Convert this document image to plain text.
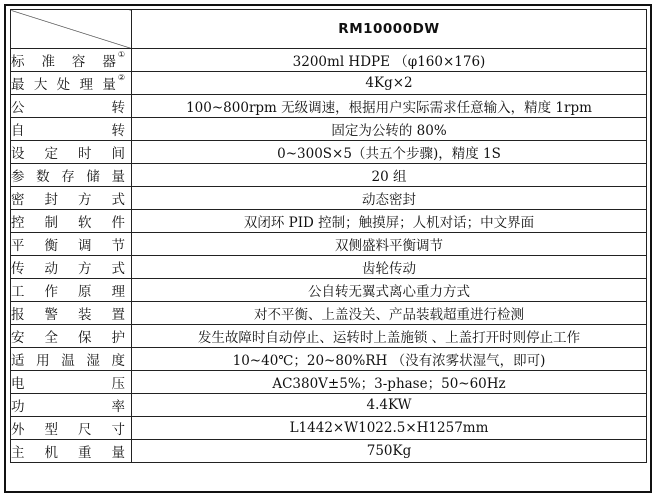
	RM10000DW

标 准 容 器 ①	3200ml HDPE （φ160×176)

最 大 处 理 量 ②	4Kg×2

公 转	100~800rpm 无级调速，根据用户实际需求任意输入，精度 1rpm

自 转	固定为公转的 80%

设 定 时 间	0~300S×5（共五个步骤)，精度 1S

参 数 存 储 量	20 组

密 封 方 式	动态密封

控 制 软 件	双闭环 PID 控制；触摸屏；人机对话；中文界面

平 衡 调 节	双侧盛料平衡调节

传 动 方 式	齿轮传动

工 作 原 理	公自转无翼式离心重力方式

报 警 装 置	对不平衡、上盖没关、产品装载超重进行检测

安 全 保 护	发生故障时自动停止、运转时上盖施锁 、上盖打开时则停止工作

适 用 温 湿 度	10~40℃；20~80%RH （没有浓雾状湿气，即可)

电 压	AC380V±5%；3-phase；50~60Hz

功 率	4.4KW

外 型 尺 寸	L1442×W1022.5×H1257mm

主 机 重 量	750Kg
